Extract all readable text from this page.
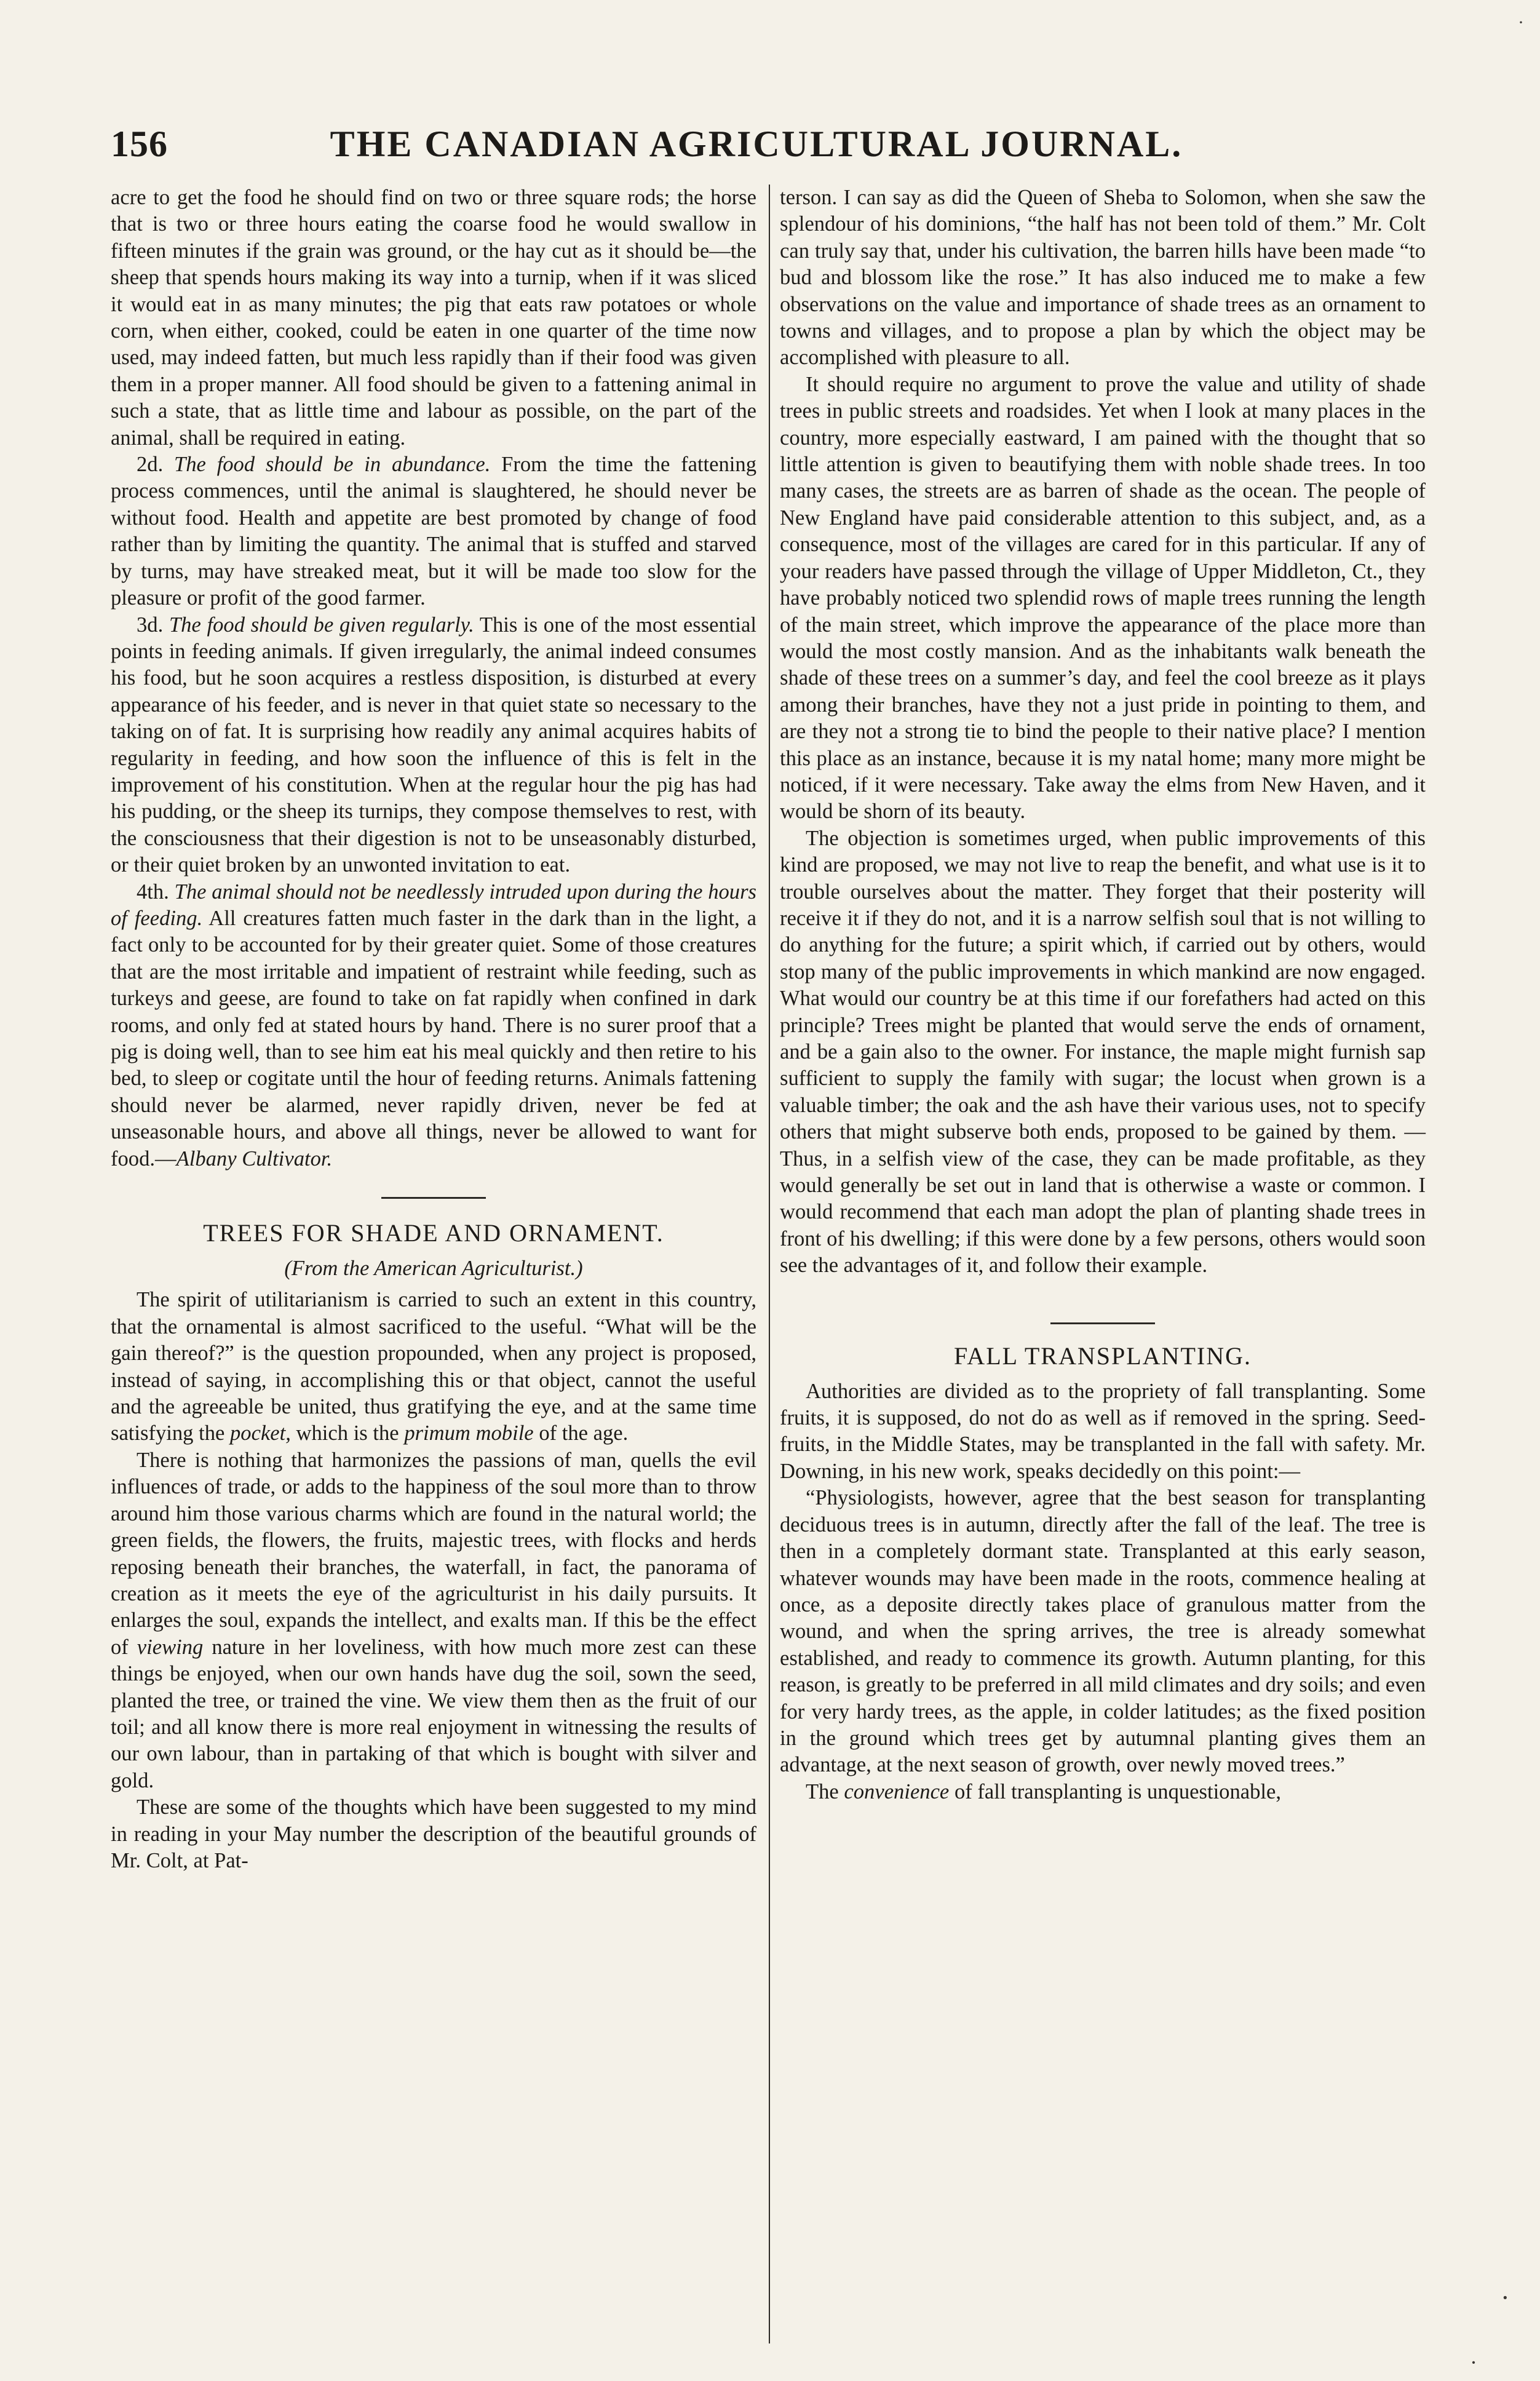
156	THE CANADIAN AGRICULTURAL JOURNAL.

acre to get the food he should find on two or three square rods; the horse that is two or three hours eating the coarse food he would swallow in fifteen minutes if the grain was ground, or the hay cut as it should be—the sheep that spends hours making its way into a turnip, when if it was sliced it would eat in as many minutes; the pig that eats raw potatoes or whole corn, when either, cooked, could be eaten in one quarter of the time now used, may indeed fatten, but much less rapidly than if their food was given them in a proper manner. All food should be given to a fattening animal in such a state, that as little time and labour as possible, on the part of the animal, shall be required in eating.

2d. The food should be in abundance. From the time the fattening process commences, until the animal is slaughtered, he should never be without food. Health and appetite are best promoted by change of food rather than by limiting the quantity. The animal that is stuffed and starved by turns, may have streaked meat, but it will be made too slow for the pleasure or profit of the good farmer.

3d. The food should be given regularly. This is one of the most essential points in feeding animals. If given irregularly, the animal indeed consumes his food, but he soon acquires a restless disposition, is disturbed at every appearance of his feeder, and is never in that quiet state so necessary to the taking on of fat. It is surprising how readily any animal acquires habits of regularity in feeding, and how soon the influence of this is felt in the improvement of his constitution. When at the regular hour the pig has had his pudding, or the sheep its turnips, they compose themselves to rest, with the consciousness that their digestion is not to be unseasonably disturbed, or their quiet broken by an unwonted invitation to eat.

4th. The animal should not be needlessly intruded upon during the hours of feeding. All creatures fatten much faster in the dark than in the light, a fact only to be accounted for by their greater quiet. Some of those creatures that are the most irritable and impatient of restraint while feeding, such as turkeys and geese, are found to take on fat rapidly when confined in dark rooms, and only fed at stated hours by hand. There is no surer proof that a pig is doing well, than to see him eat his meal quickly and then retire to his bed, to sleep or cogitate until the hour of feeding returns. Animals fattening should never be alarmed, never rapidly driven, never be fed at unseasonable hours, and above all things, never be allowed to want for food.—Albany Cultivator.

TREES FOR SHADE AND ORNAMENT.
(From the American Agriculturist.)

The spirit of utilitarianism is carried to such an extent in this country, that the ornamental is almost sacrificed to the useful. “What will be the gain thereof?” is the question propounded, when any project is proposed, instead of saying, in accomplishing this or that object, cannot the useful and the agreeable be united, thus gratifying the eye, and at the same time satisfying the pocket, which is the primum mobile of the age.

There is nothing that harmonizes the passions of man, quells the evil influences of trade, or adds to the happiness of the soul more than to throw around him those various charms which are found in the natural world; the green fields, the flowers, the fruits, majestic trees, with flocks and herds reposing beneath their branches, the waterfall, in fact, the panorama of creation as it meets the eye of the agriculturist in his daily pursuits. It enlarges the soul, expands the intellect, and exalts man. If this be the effect of viewing nature in her loveliness, with how much more zest can these things be enjoyed, when our own hands have dug the soil, sown the seed, planted the tree, or trained the vine. We view them then as the fruit of our toil; and all know there is more real enjoyment in witnessing the results of our own labour, than in partaking of that which is bought with silver and gold.

These are some of the thoughts which have been suggested to my mind in reading in your May number the description of the beautiful grounds of Mr. Colt, at Pat-

terson. I can say as did the Queen of Sheba to Solomon, when she saw the splendour of his dominions, “the half has not been told of them.” Mr. Colt can truly say that, under his cultivation, the barren hills have been made “to bud and blossom like the rose.” It has also induced me to make a few observations on the value and importance of shade trees as an ornament to towns and villages, and to propose a plan by which the object may be accomplished with pleasure to all.

It should require no argument to prove the value and utility of shade trees in public streets and roadsides. Yet when I look at many places in the country, more especially eastward, I am pained with the thought that so little attention is given to beautifying them with noble shade trees. In too many cases, the streets are as barren of shade as the ocean. The people of New England have paid considerable attention to this subject, and, as a consequence, most of the villages are cared for in this particular. If any of your readers have passed through the village of Upper Middleton, Ct., they have probably noticed two splendid rows of maple trees running the length of the main street, which improve the appearance of the place more than would the most costly mansion. And as the inhabitants walk beneath the shade of these trees on a summer’s day, and feel the cool breeze as it plays among their branches, have they not a just pride in pointing to them, and are they not a strong tie to bind the people to their native place? I mention this place as an instance, because it is my natal home; many more might be noticed, if it were necessary. Take away the elms from New Haven, and it would be shorn of its beauty.

The objection is sometimes urged, when public improvements of this kind are proposed, we may not live to reap the benefit, and what use is it to trouble ourselves about the matter. They forget that their posterity will receive it if they do not, and it is a narrow selfish soul that is not willing to do anything for the future; a spirit which, if carried out by others, would stop many of the public improvements in which mankind are now engaged. What would our country be at this time if our forefathers had acted on this principle? Trees might be planted that would serve the ends of ornament, and be a gain also to the owner. For instance, the maple might furnish sap sufficient to supply the family with sugar; the locust when grown is a valuable timber; the oak and the ash have their various uses, not to specify others that might subserve both ends, proposed to be gained by them. —Thus, in a selfish view of the case, they can be made profitable, as they would generally be set out in land that is otherwise a waste or common. I would recommend that each man adopt the plan of planting shade trees in front of his dwelling; if this were done by a few persons, others would soon see the advantages of it, and follow their example.

FALL TRANSPLANTING.

Authorities are divided as to the propriety of fall transplanting. Some fruits, it is supposed, do not do as well as if removed in the spring. Seed-fruits, in the Middle States, may be transplanted in the fall with safety. Mr. Downing, in his new work, speaks decidedly on this point:—

“Physiologists, however, agree that the best season for transplanting deciduous trees is in autumn, directly after the fall of the leaf. The tree is then in a completely dormant state. Transplanted at this early season, whatever wounds may have been made in the roots, commence healing at once, as a deposite directly takes place of granulous matter from the wound, and when the spring arrives, the tree is already somewhat established, and ready to commence its growth. Autumn planting, for this reason, is greatly to be preferred in all mild climates and dry soils; and even for very hardy trees, as the apple, in colder latitudes; as the fixed position in the ground which trees get by autumnal planting gives them an advantage, at the next season of growth, over newly moved trees.”

The convenience of fall transplanting is unquestionable,

·
·
·
